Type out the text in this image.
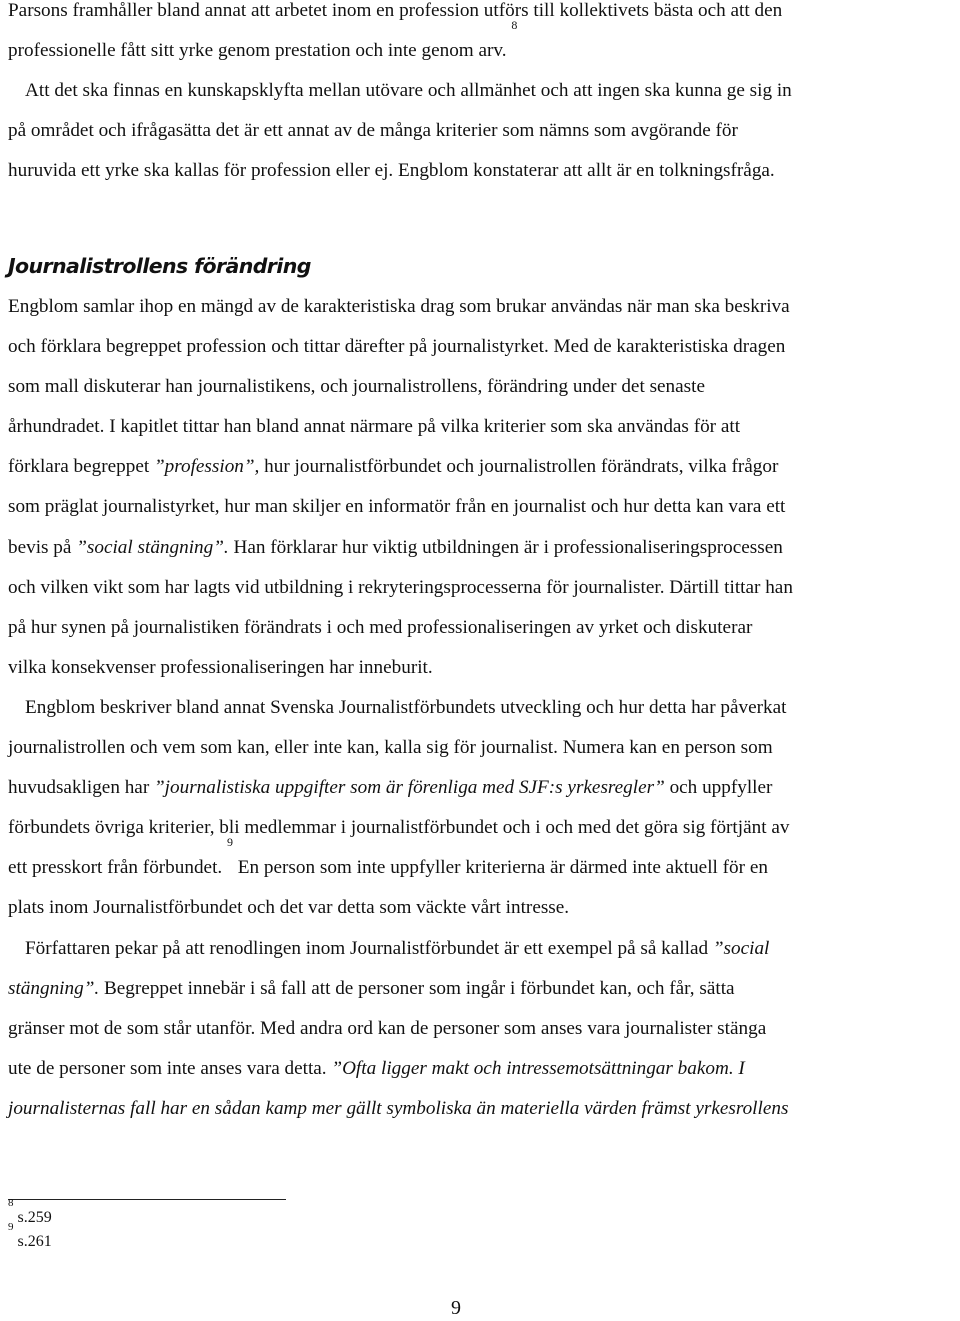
Parsons framhåller bland annat att arbetet inom en profession utförs till kollektivets bästa och att den
professionelle fått sitt yrke genom prestation och inte genom arv. $^8$
Att det ska finnas en kunskapsklyfta mellan utövare och allmänhet och att ingen ska kunna ge sig in
på området och ifrågasätta det är ett annat av de många kriterier som nämns som avgörande för
huruvida ett yrke ska kallas för profession eller ej. Engblom konstaterar att allt är en tolkningsfråga.
Journalistrollens förändring
Engblom samlar ihop en mängd av de karakteristiska drag som brukar användas när man ska beskriva
och förklara begreppet profession och tittar därefter på journalistyrket. Med de karakteristiska dragen
som mall diskuterar han journalistikens, och journalistrollens, förändring under det senaste
århundradet. I kapitlet tittar han bland annat närmare på vilka kriterier som ska användas för att
förklara begreppet ”profession”, hur journalistförbundet och journalistrollen förändrats, vilka frågor
som präglat journalistyrket, hur man skiljer en informatör från en journalist och hur detta kan vara ett
bevis på ”social stängning”. Han förklarar hur viktig utbildningen är i professionaliseringsprocessen
och vilken vikt som har lagts vid utbildning i rekryteringsprocesserna för journalister. Därtill tittar han
på hur synen på journalistiken förändrats i och med professionaliseringen av yrket och diskuterar
vilka konsekvenser professionaliseringen har inneburit.
Engblom beskriver bland annat Svenska Journalistförbundets utveckling och hur detta har påverkat
journalistrollen och vem som kan, eller inte kan, kalla sig för journalist. Numera kan en person som
huvudsakligen har ”journalistiska uppgifter som är förenliga med SJF:s yrkesregler” och uppfyller
förbundets övriga kriterier, bli medlemmar i journalistförbundet och i och med det göra sig förtjänt av
ett presskort från förbundet. $^9$ En person som inte uppfyller kriterierna är därmed inte aktuell för en
plats inom Journalistförbundet och det var detta som väckte vårt intresse.
Författaren pekar på att renodlingen inom Journalistförbundet är ett exempel på så kallad ”social
stängning”. Begreppet innebär i så fall att de personer som ingår i förbundet kan, och får, sätta
gränser mot de som står utanför. Med andra ord kan de personer som anses vara journalister stänga
ute de personer som inte anses vara detta. ”Ofta ligger makt och intressemotsättningar bakom. I
journalisternas fall har en sådan kamp mer gällt symboliska än materiella värden främst yrkesrollens
$^8$ s.259
$^9$ s.261
9
